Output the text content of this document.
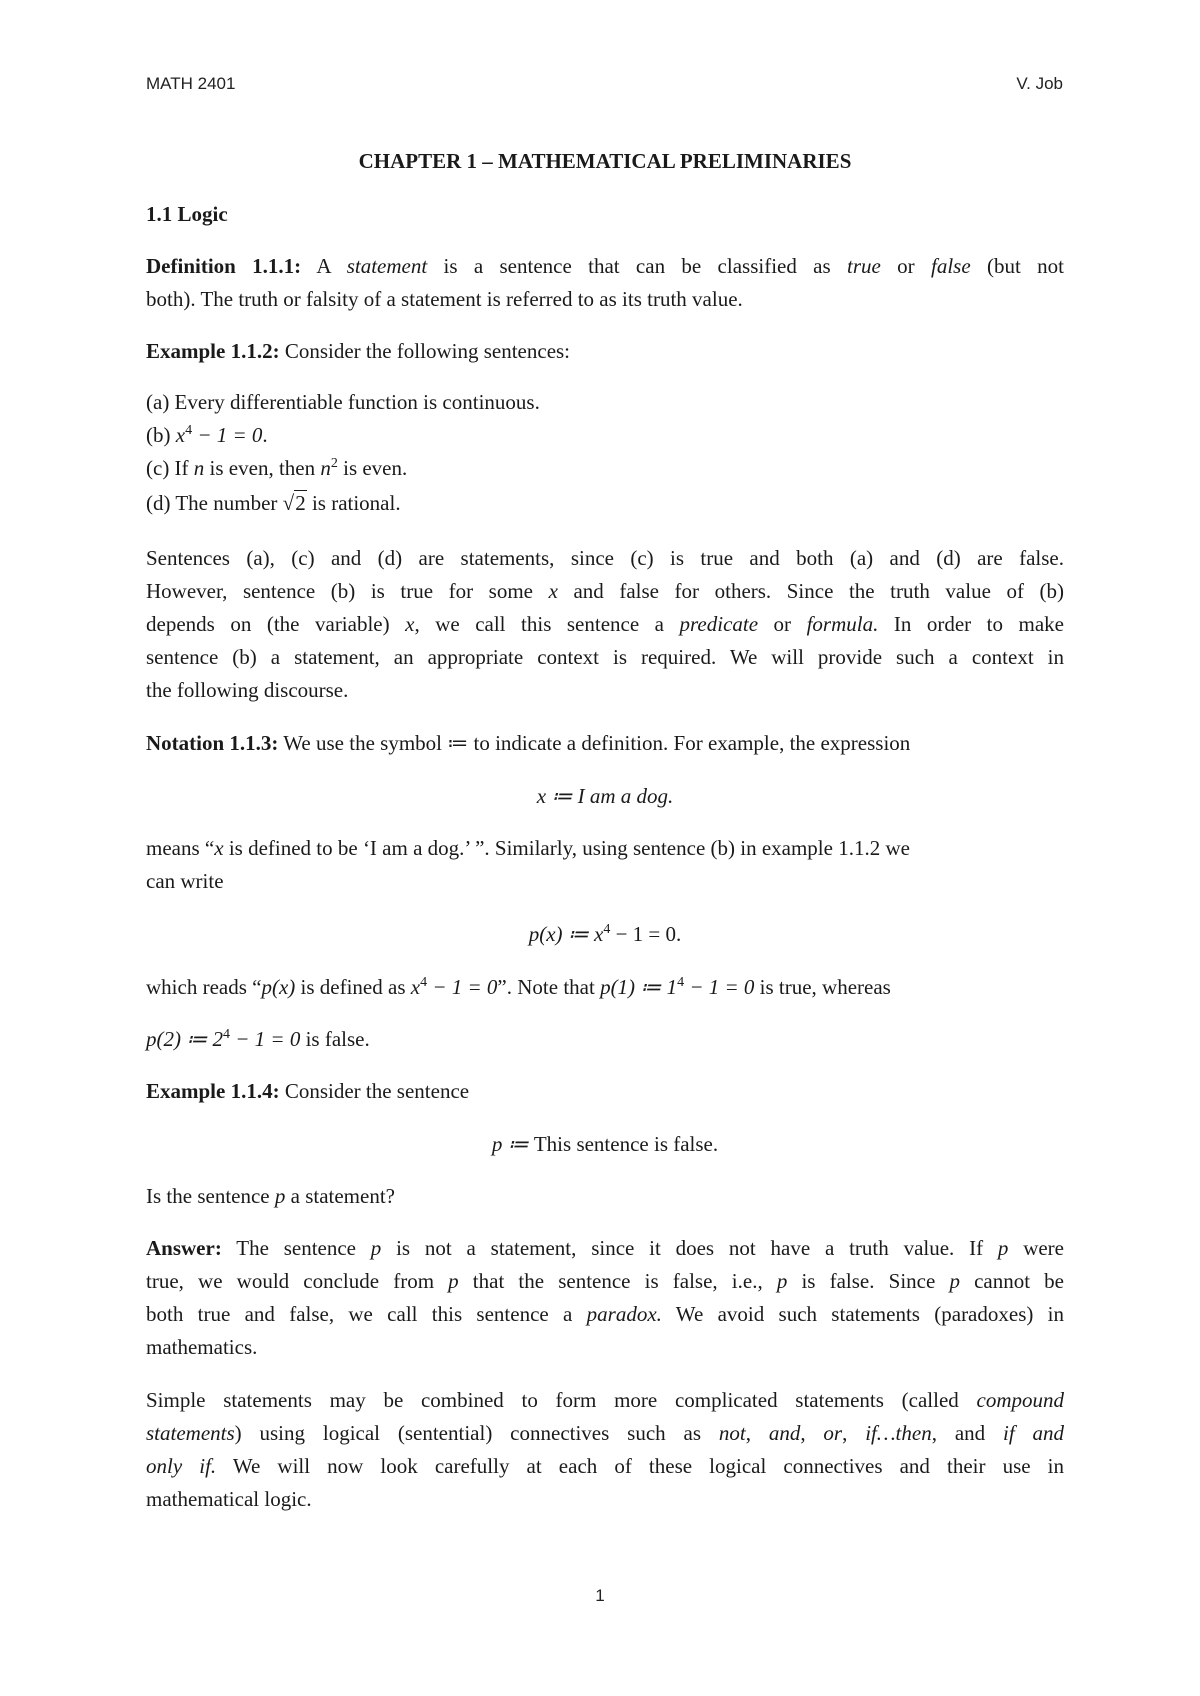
MATH 2401	V. Job
CHAPTER 1 – MATHEMATICAL PRELIMINARIES
1.1 Logic
Definition 1.1.1: A statement is a sentence that can be classified as true or false (but not
both). The truth or falsity of a statement is referred to as its truth value.
Example 1.1.2: Consider the following sentences:
(a) Every differentiable function is continuous.
(b) $x^4 - 1 = 0$.
(c) If n is even, then $n^2$ is even.
(d) The number √2 is rational.
Sentences (a), (c) and (d) are statements, since (c) is true and both (a) and (d) are false.
However, sentence (b) is true for some x and false for others. Since the truth value of (b)
depends on (the variable) x, we call this sentence a predicate or formula. In order to make
sentence (b) a statement, an appropriate context is required. We will provide such a context in
the following discourse.
Notation 1.1.3: We use the symbol ≔ to indicate a definition. For example, the expression
x ≔ I am a dog.
means “x is defined to be ‘I am a dog.’ ”. Similarly, using sentence (b) in example 1.1.2 we
can write
p(x) ≔ $x^4 - 1 = 0$.
which reads “p(x) is defined as $x^4 - 1 = 0$”. Note that p(1) ≔ $1^4 - 1 = 0$ is true, whereas
p(2) ≔ $2^4 - 1 = 0$ is false.
Example 1.1.4: Consider the sentence
p ≔ This sentence is false.
Is the sentence p a statement?
Answer: The sentence p is not a statement, since it does not have a truth value. If p were
true, we would conclude from p that the sentence is false, i.e., p is false. Since p cannot be
both true and false, we call this sentence a paradox. We avoid such statements (paradoxes) in
mathematics.
Simple statements may be combined to form more complicated statements (called compound
statements) using logical (sentential) connectives such as not, and, or, if…then, and if and
only if. We will now look carefully at each of these logical connectives and their use in
mathematical logic.
1
